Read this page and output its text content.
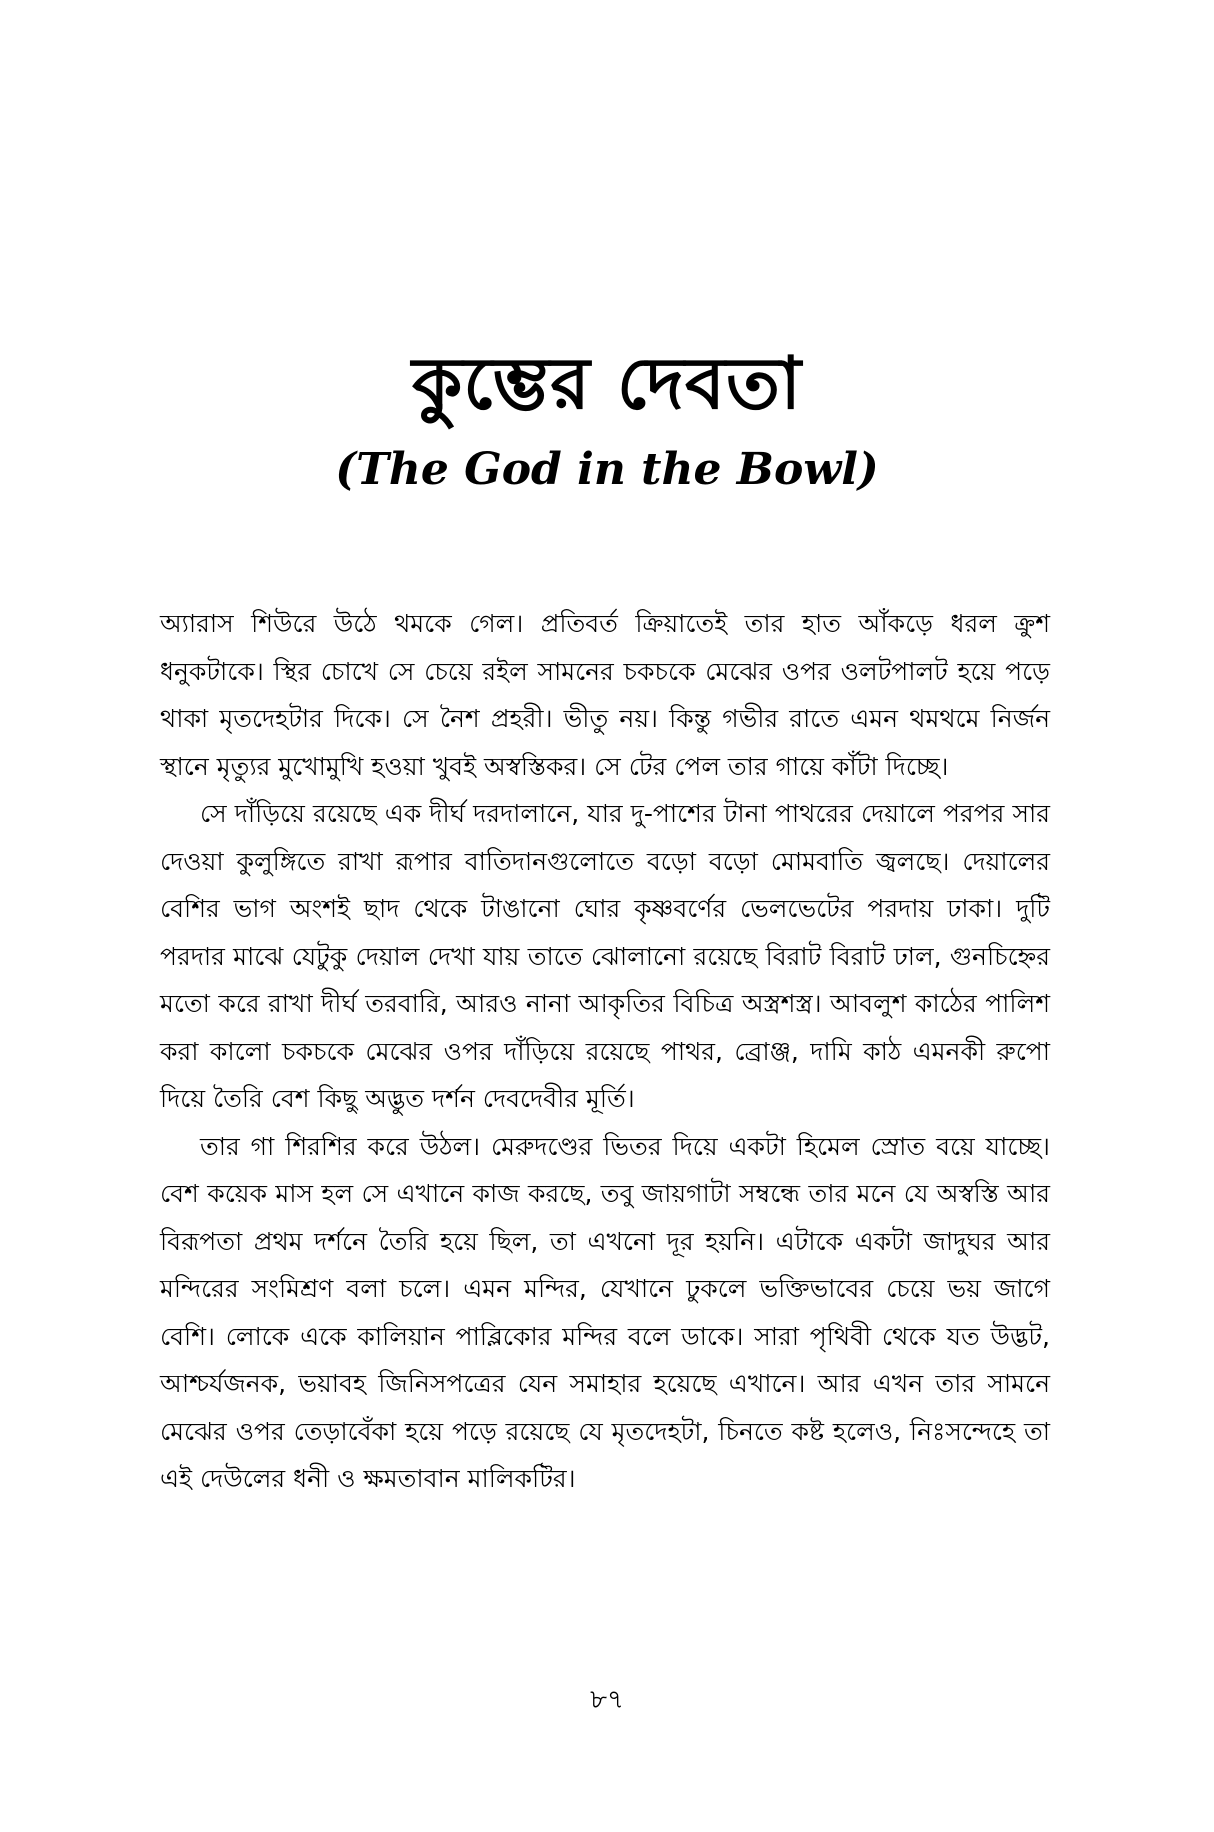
কুম্ভের দেবতা
(The God in the Bowl)

অ্যারাস শিউরে উঠে থমকে গেল। প্রতিবর্ত ক্রিয়াতেই তার হাত আঁকড়ে ধরল ক্রুশ ধনুকটাকে। স্থির চোখে সে চেয়ে রইল সামনের চকচকে মেঝের ওপর ওলটপালট হয়ে পড়ে থাকা মৃতদেহটার দিকে। সে নৈশ প্রহরী। ভীতু নয়। কিন্তু গভীর রাতে এমন থমথমে নির্জন স্থানে মৃত্যুর মুখোমুখি হওয়া খুবই অস্বস্তিকর। সে টের পেল তার গায়ে কাঁটা দিচ্ছে।

সে দাঁড়িয়ে রয়েছে এক দীর্ঘ দরদালানে, যার দু-পাশের টানা পাথরের দেয়ালে পরপর সার দেওয়া কুলুঙ্গিতে রাখা রূপার বাতিদানগুলোতে বড়ো বড়ো মোমবাতি জ্বলছে। দেয়ালের বেশির ভাগ অংশই ছাদ থেকে টাঙানো ঘোর কৃষ্ণবর্ণের ভেলভেটের পরদায় ঢাকা। দুটি পরদার মাঝে যেটুকু দেয়াল দেখা যায় তাতে ঝোলানো রয়েছে বিরাট বিরাট ঢাল, গুনচিহ্নের মতো করে রাখা দীর্ঘ তরবারি, আরও নানা আকৃতির বিচিত্র অস্ত্রশস্ত্র। আবলুশ কাঠের পালিশ করা কালো চকচকে মেঝের ওপর দাঁড়িয়ে রয়েছে পাথর, ব্রোঞ্জ, দামি কাঠ এমনকী রুপো দিয়ে তৈরি বেশ কিছু অদ্ভুত দর্শন দেবদেবীর মূর্তি।

তার গা শিরশির করে উঠল। মেরুদণ্ডের ভিতর দিয়ে একটা হিমেল স্রোত বয়ে যাচ্ছে। বেশ কয়েক মাস হল সে এখানে কাজ করছে, তবু জায়গাটা সম্বন্ধে তার মনে যে অস্বস্তি আর বিরূপতা প্রথম দর্শনে তৈরি হয়ে ছিল, তা এখনো দূর হয়নি। এটাকে একটা জাদুঘর আর মন্দিরের সংমিশ্রণ বলা চলে। এমন মন্দির, যেখানে ঢুকলে ভক্তিভাবের চেয়ে ভয় জাগে বেশি। লোকে একে কালিয়ান পাব্লিকোর মন্দির বলে ডাকে। সারা পৃথিবী থেকে যত উদ্ভট, আশ্চর্যজনক, ভয়াবহ জিনিসপত্রের যেন সমাহার হয়েছে এখানে। আর এখন তার সামনে মেঝের ওপর তেড়াবেঁকা হয়ে পড়ে রয়েছে যে মৃতদেহটা, চিনতে কষ্ট হলেও, নিঃসন্দেহে তা এই দেউলের ধনী ও ক্ষমতাবান মালিকটির।

৮৭
